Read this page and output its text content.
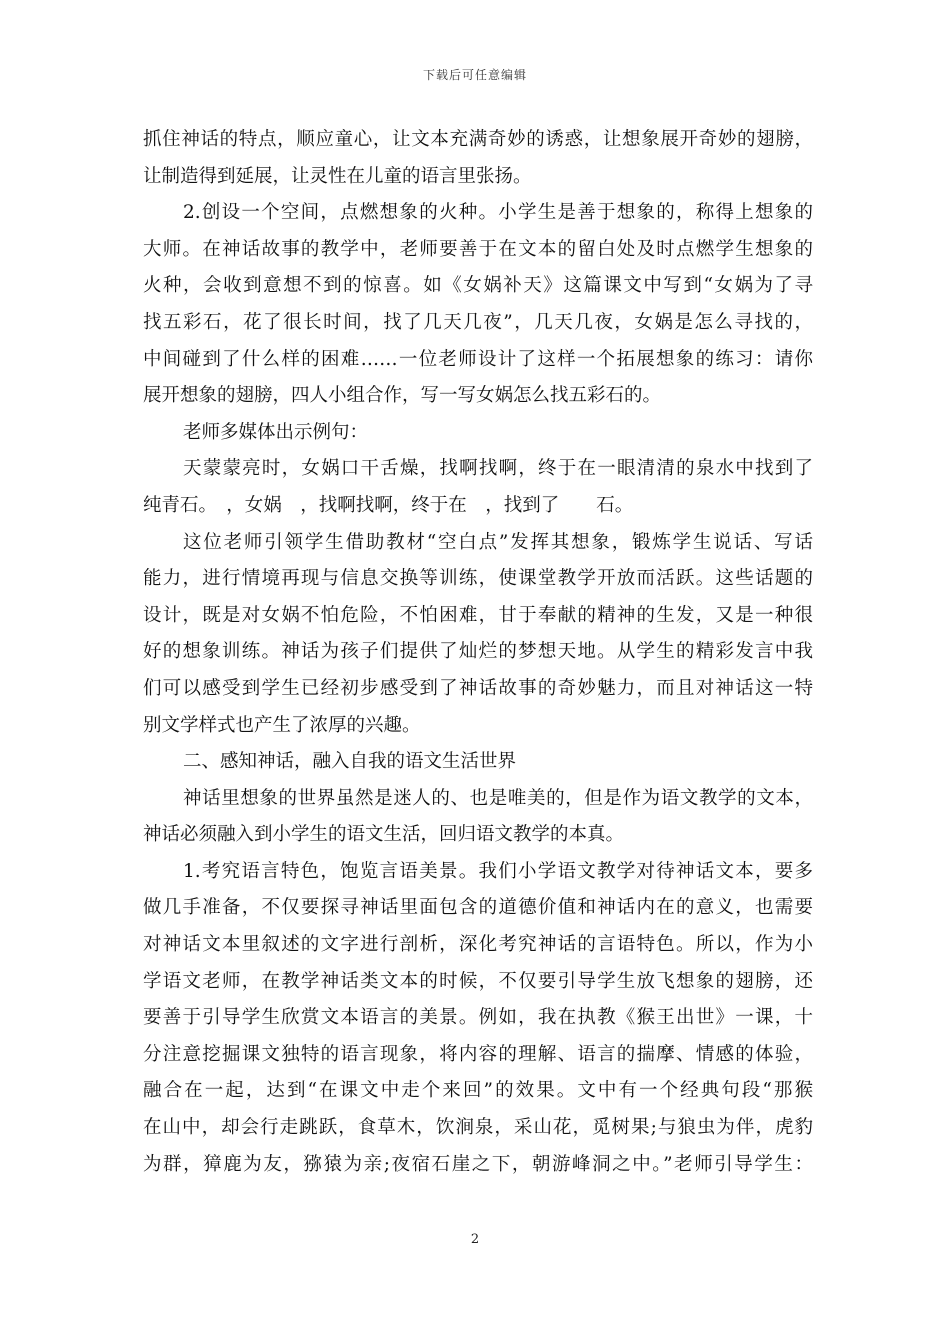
下载后可任意编辑
抓住神话的特点，顺应童心，让文本充满奇妙的诱惑，让想象展开奇妙的翅膀，
让制造得到延展，让灵性在儿童的语言里张扬。
2.创设一个空间，点燃想象的火种。小学生是善于想象的，称得上想象的
大师。在神话故事的教学中，老师要善于在文本的留白处及时点燃学生想象的
火种，会收到意想不到的惊喜。如《女娲补天》这篇课文中写到“女娲为了寻
找五彩石，花了很长时间，找了几天几夜”，几天几夜，女娲是怎么寻找的，
中间碰到了什么样的困难……一位老师设计了这样一个拓展想象的练习：请你
展开想象的翅膀，四人小组合作，写一写女娲怎么找五彩石的。
老师多媒体出示例句：
天蒙蒙亮时，女娲口干舌燥，找啊找啊，终于在一眼清清的泉水中找到了
纯青石。　，女娲　，找啊找啊，终于在　，找到了　　石。
这位老师引领学生借助教材“空白点”发挥其想象，锻炼学生说话、写话
能力，进行情境再现与信息交换等训练，使课堂教学开放而活跃。这些话题的
设计，既是对女娲不怕危险，不怕困难，甘于奉献的精神的生发，又是一种很
好的想象训练。神话为孩子们提供了灿烂的梦想天地。从学生的精彩发言中我
们可以感受到学生已经初步感受到了神话故事的奇妙魅力，而且对神话这一特
别文学样式也产生了浓厚的兴趣。
二、感知神话，融入自我的语文生活世界
神话里想象的世界虽然是迷人的、也是唯美的，但是作为语文教学的文本，
神话必须融入到小学生的语文生活，回归语文教学的本真。
1.考究语言特色，饱览言语美景。我们小学语文教学对待神话文本，要多
做几手准备，不仅要探寻神话里面包含的道德价值和神话内在的意义，也需要
对神话文本里叙述的文字进行剖析，深化考究神话的言语特色。所以，作为小
学语文老师，在教学神话类文本的时候，不仅要引导学生放飞想象的翅膀，还
要善于引导学生欣赏文本语言的美景。例如，我在执教《猴王出世》一课，十
分注意挖掘课文独特的语言现象，将内容的理解、语言的揣摩、情感的体验，
融合在一起，达到“在课文中走个来回”的效果。文中有一个经典句段“那猴
在山中，却会行走跳跃，食草木，饮涧泉，采山花，觅树果;与狼虫为伴，虎豹
为群，獐鹿为友，猕猿为亲;夜宿石崖之下，朝游峰洞之中。”老师引导学生：
2
